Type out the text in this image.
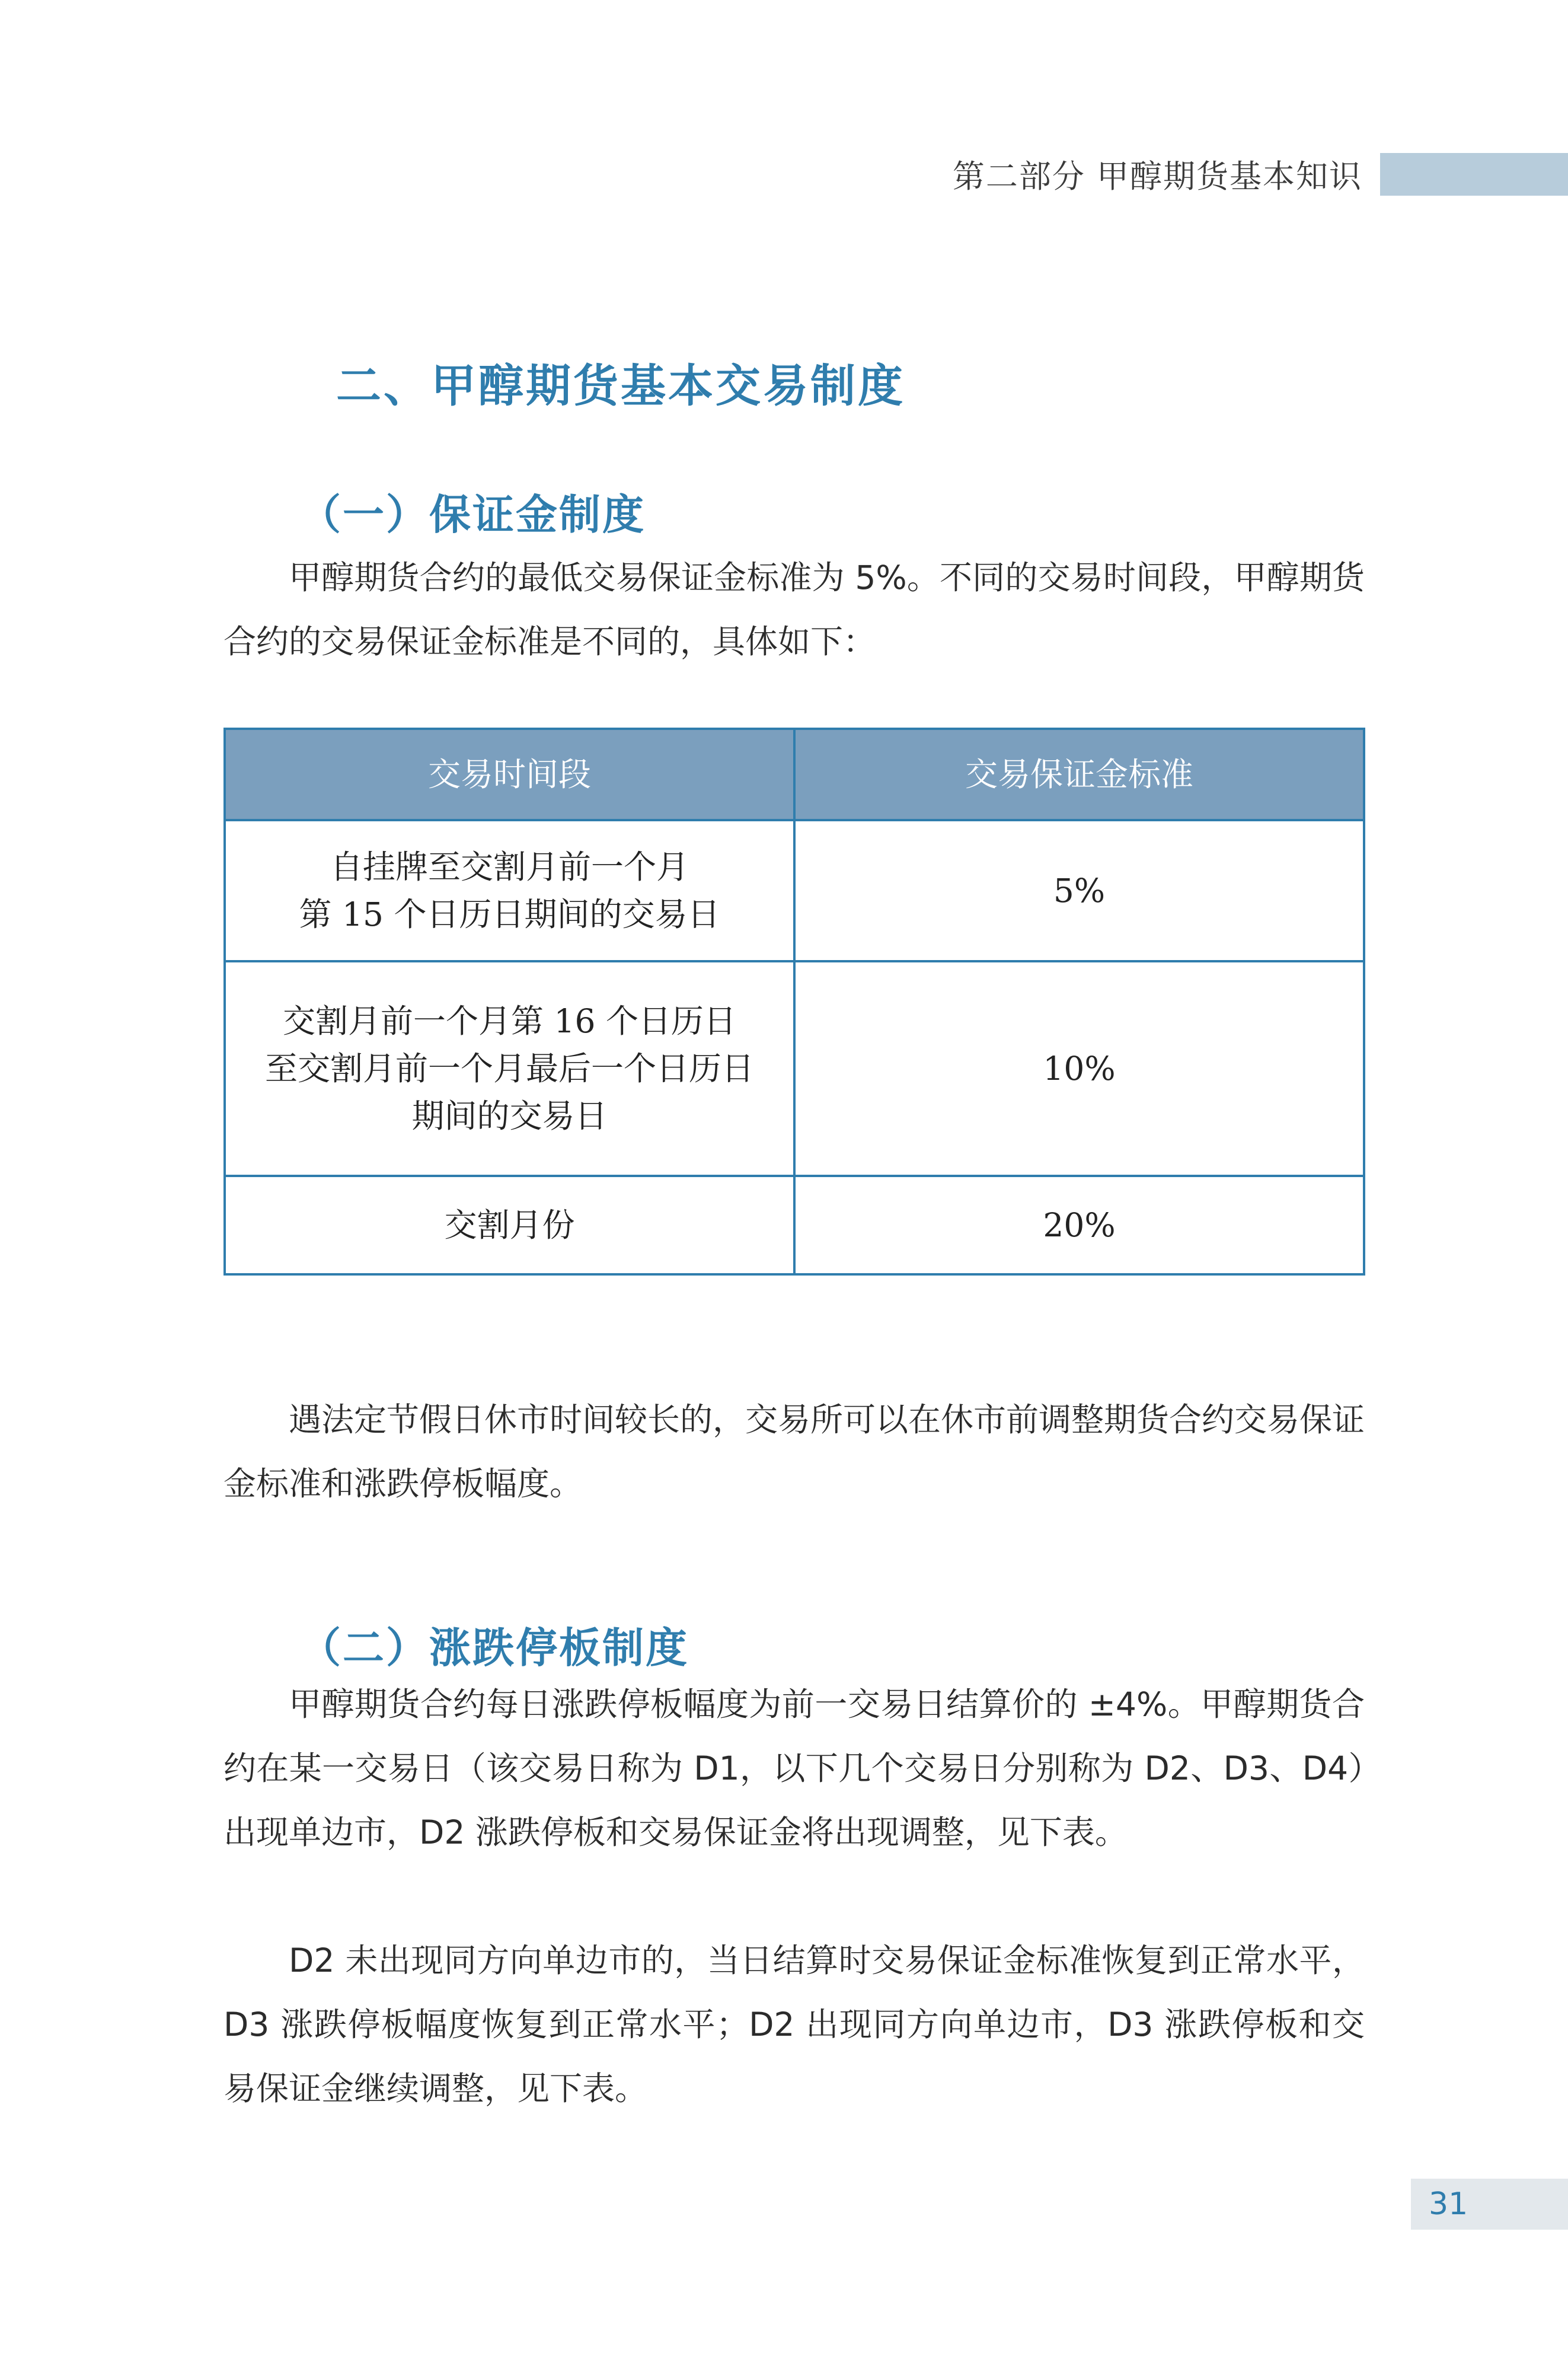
第二部分 甲醇期货基本知识
二、甲醇期货基本交易制度
（一）保证金制度

甲醇期货合约的最低交易保证金标准为 5%。不同的交易时间段，甲醇期货合约的交易保证金标准是不同的，具体如下：

交易时间段	交易保证金标准

自挂牌至交割月前一个月
第 15 个日历日期间的交易日	5%

交割月前一个月第 16 个日历日
至交割月前一个月最后一个日历日
期间的交易日	10%

交割月份	20%

遇法定节假日休市时间较长的，交易所可以在休市前调整期货合约交易保证金标准和涨跌停板幅度。

（二）涨跌停板制度

甲醇期货合约每日涨跌停板幅度为前一交易日结算价的 ±4%。甲醇期货合约在某一交易日（该交易日称为 D1，以下几个交易日分别称为 D2、D3、D4）出现单边市，D2 涨跌停板和交易保证金将出现调整，见下表。

D2 未出现同方向单边市的，当日结算时交易保证金标准恢复到正常水平，D3 涨跌停板幅度恢复到正常水平；D2 出现同方向单边市，D3 涨跌停板和交易保证金继续调整，见下表。

31
